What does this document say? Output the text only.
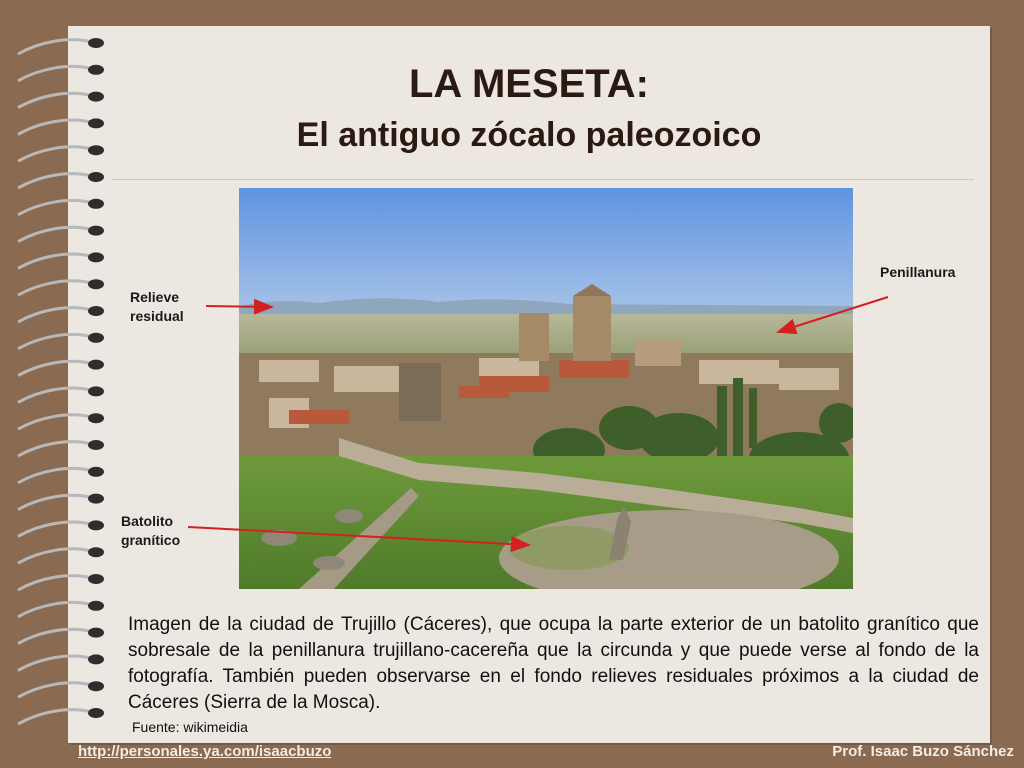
LA MESETA:
El antiguo zócalo paleozoico
Relieve residual
Penillanura
Batolito granítico

Imagen de la ciudad de Trujillo (Cáceres), que ocupa la parte exterior de un batolito granítico que sobresale de la penillanura trujillano-cacereña que la circunda y que puede verse al fondo de la fotografía. También pueden observarse en el fondo relieves residuales próximos a la ciudad de Cáceres (Sierra de la Mosca).

Fuente: wikimeidia
http://personales.ya.com/isaacbuzo	Prof. Isaac Buzo Sánchez
